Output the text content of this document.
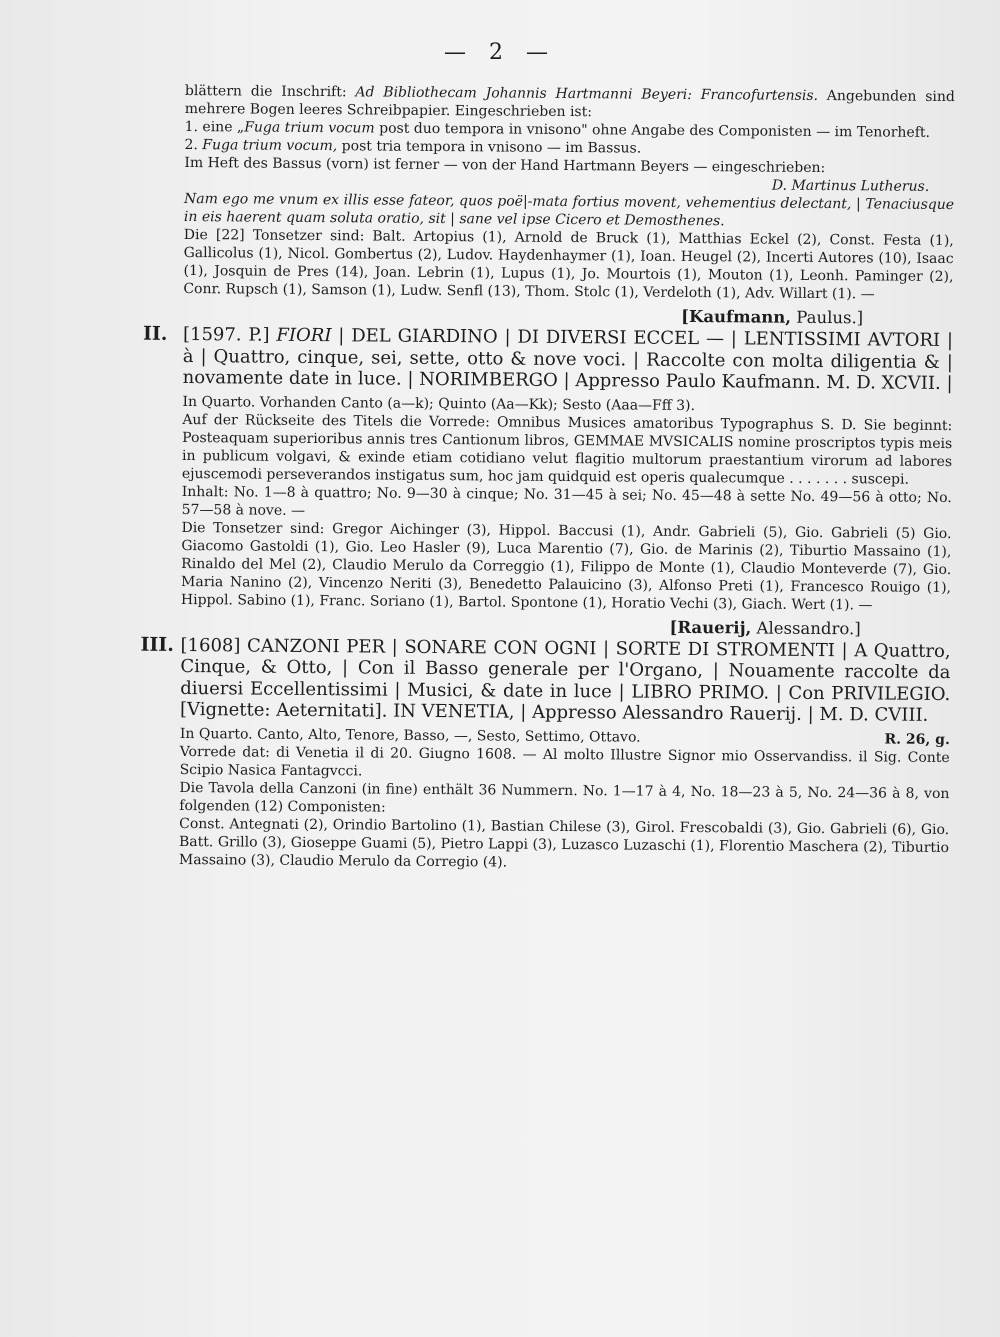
— 2 —

blättern die Inschrift: Ad Bibliothecam Johannis Hartmanni Beyeri: Francofurtensis. Angebunden sind mehrere Bogen leeres Schreibpapier. Eingeschrieben ist:

1. eine „Fuga trium vocum post duo tempora in vnisono" ohne Angabe des Componisten — im Tenorheft.

2. Fuga trium vocum, post tria tempora in vnisono — im Bassus.

Im Heft des Bassus (vorn) ist ferner — von der Hand Hartmann Beyers — eingeschrieben:

D. Martinus Lutherus.

Nam ego me vnum ex illis esse fateor, quos poë|-mata fortius movent, vehementius delectant, | Tenaciusque in eis haerent quam soluta oratio, sit | sane vel ipse Cicero et Demosthenes.

Die [22] Tonsetzer sind: Balt. Artopius (1), Arnold de Bruck (1), Matthias Eckel (2), Const. Festa (1), Gallicolus (1), Nicol. Gombertus (2), Ludov. Haydenhaymer (1), Ioan. Heugel (2), Incerti Autores (10), Isaac (1), Josquin de Pres (14), Joan. Lebrin (1), Lupus (1), Jo. Mourtois (1), Mouton (1), Leonh. Paminger (2), Conr. Rupsch (1), Samson (1), Ludw. Senfl (13), Thom. Stolc (1), Verdeloth (1), Adv. Willart (1). —

[Kaufmann, Paulus.]

II. [1597. P.] FIORI | DEL GIARDINO | DI DIVERSI ECCEL — | LENTISSIMI AVTORI | à | Quattro, cinque, sei, sette, otto & nove voci. | Raccolte con molta diligentia & | novamente date in luce. | NORIMBERGO | Appresso Paulo Kaufmann. M. D. XCVII. |

In Quarto. Vorhanden Canto (a—k); Quinto (Aa—Kk); Sesto (Aaa—Fff 3).

Auf der Rückseite des Titels die Vorrede: Omnibus Musices amatoribus Typographus S. D. Sie beginnt: Posteaquam superioribus annis tres Cantionum libros, GEMMAE MVSICALIS nomine proscriptos typis meis in publicum volgavi, & exinde etiam cotidiano velut flagitio multorum praestantium virorum ad labores ejuscemodi perseverandos instigatus sum, hoc jam quidquid est operis qualecumque . . . . . . . suscepi.

Inhalt: No. 1—8 à quattro; No. 9—30 à cinque; No. 31—45 à sei; No. 45—48 à sette No. 49—56 à otto; No. 57—58 à nove. —

Die Tonsetzer sind: Gregor Aichinger (3), Hippol. Baccusi (1), Andr. Gabrieli (5), Gio. Gabrieli (5) Gio. Giacomo Gastoldi (1), Gio. Leo Hasler (9), Luca Marentio (7), Gio. de Marinis (2), Tiburtio Massaino (1), Rinaldo del Mel (2), Claudio Merulo da Correggio (1), Filippo de Monte (1), Claudio Monteverde (7), Gio. Maria Nanino (2), Vincenzo Neriti (3), Benedetto Palauicino (3), Alfonso Preti (1), Francesco Rouigo (1), Hippol. Sabino (1), Franc. Soriano (1), Bartol. Spontone (1), Horatio Vechi (3), Giach. Wert (1). —

[Rauerij, Alessandro.]

III. [1608] CANZONI PER | SONARE CON OGNI | SORTE DI STROMENTI | A Quattro, Cinque, & Otto, | Con il Basso generale per l'Organo, | Nouamente raccolte da diuersi Eccellentissimi | Musici, & date in luce | LIBRO PRIMO. | Con PRIVILEGIO. [Vignette: Aeternitati]. IN VENETIA, | Appresso Alessandro Rauerij. | M. D. CVIII.

In Quarto. Canto, Alto, Tenore, Basso, —, Sesto, Settimo, Ottavo.	R. 26, g.

Vorrede dat: di Venetia il di 20. Giugno 1608. — Al molto Illustre Signor mio Osservandiss. il Sig. Conte Scipio Nasica Fantagvcci.

Die Tavola della Canzoni (in fine) enthält 36 Nummern. No. 1—17 à 4, No. 18—23 à 5, No. 24—36 à 8, von folgenden (12) Componisten:

Const. Antegnati (2), Orindio Bartolino (1), Bastian Chilese (3), Girol. Frescobaldi (3), Gio. Gabrieli (6), Gio. Batt. Grillo (3), Gioseppe Guami (5), Pietro Lappi (3), Luzasco Luzaschi (1), Florentio Maschera (2), Tiburtio Massaino (3), Claudio Merulo da Corregio (4).
